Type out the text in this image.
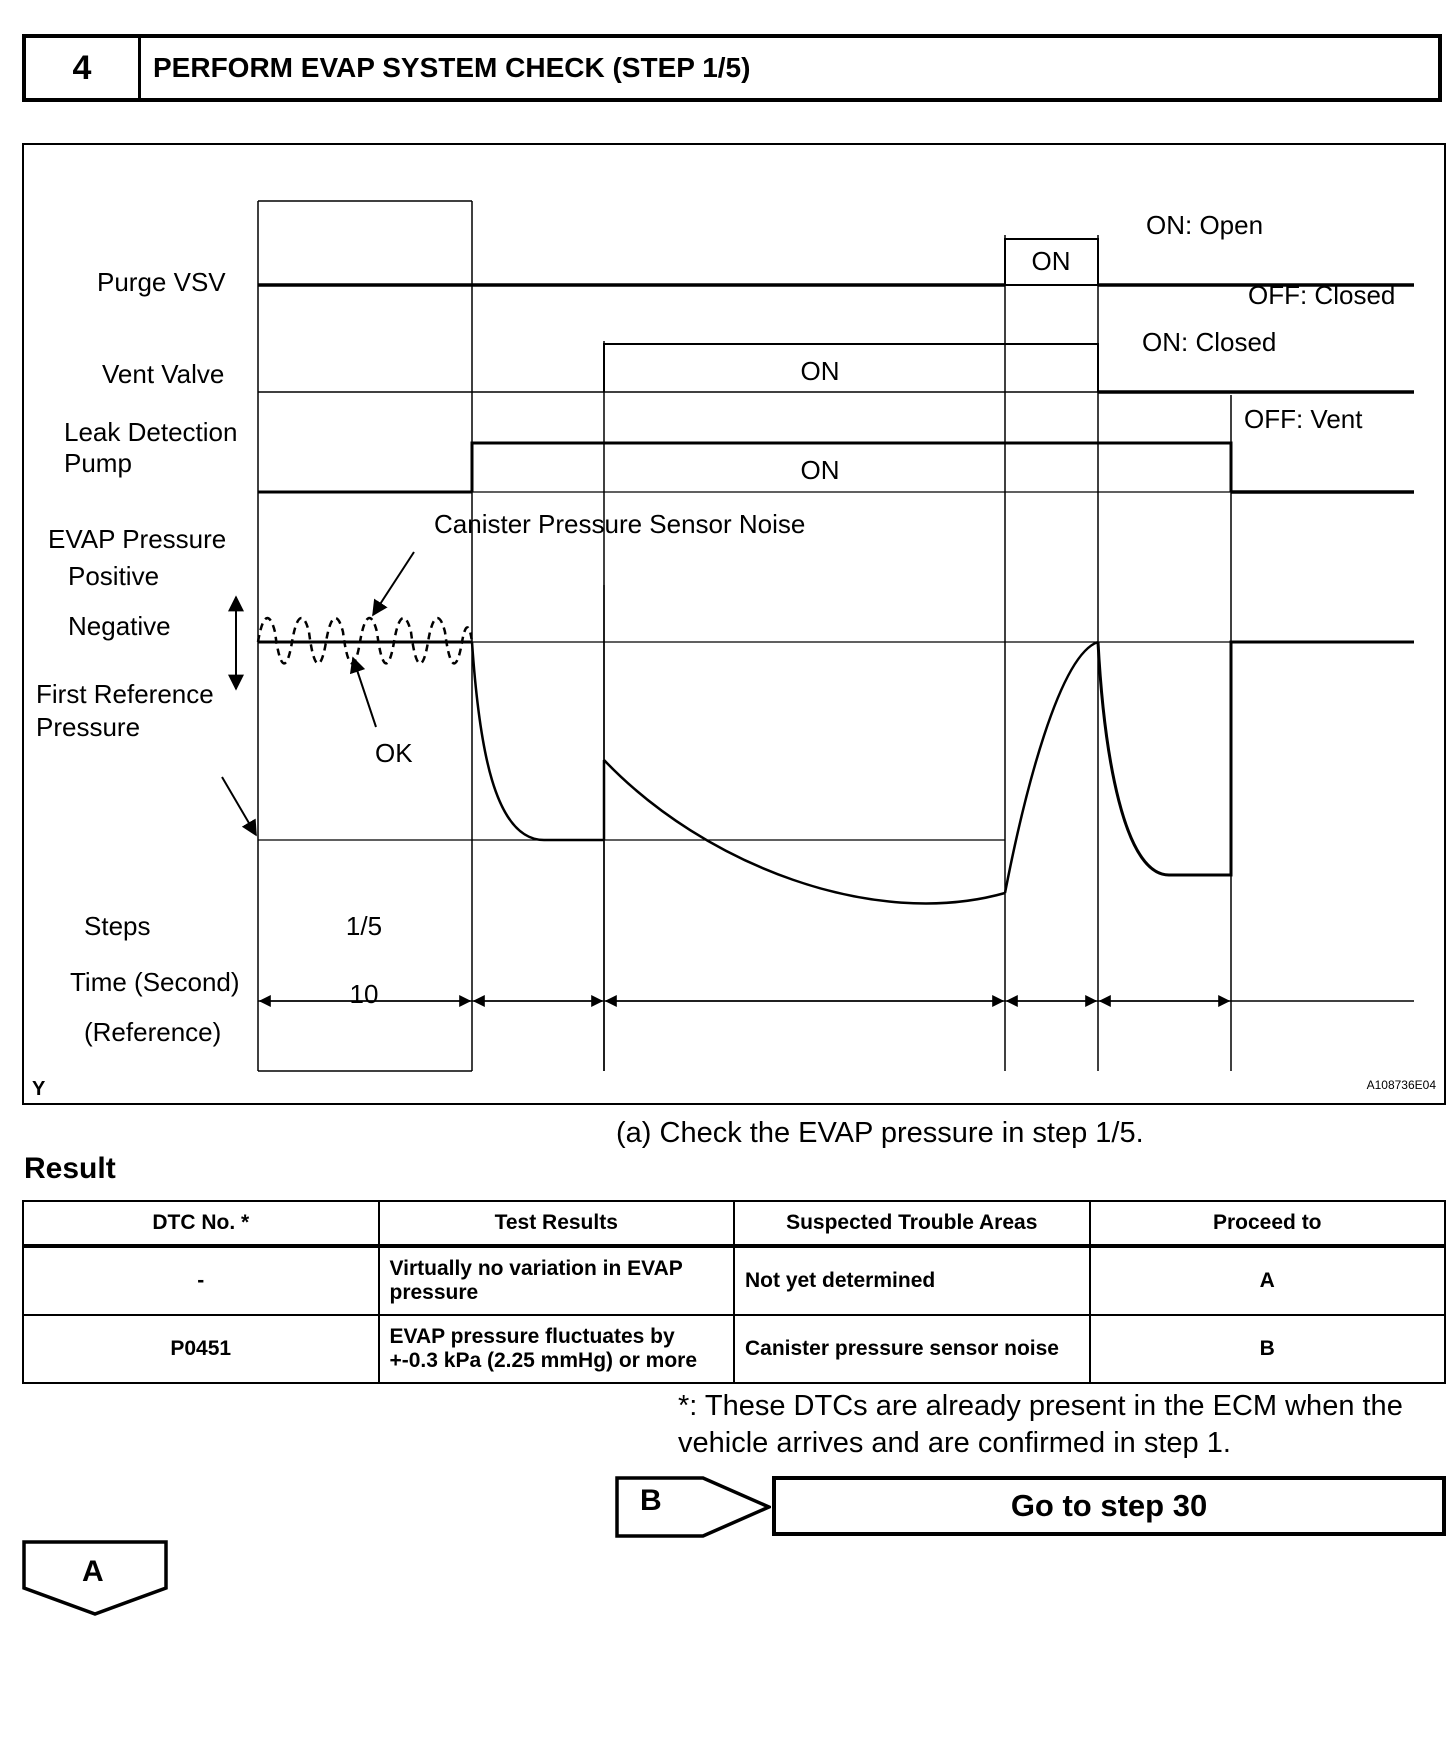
4	PERFORM EVAP SYSTEM CHECK (STEP 1/5)
Purge VSV
Vent Valve
Leak Detection
Pump
EVAP Pressure
Positive
Negative
First Reference
Pressure
ON
ON: Open
OFF: Closed
ON
ON: Closed
OFF: Vent
ON
Canister Pressure Sensor Noise
OK
Steps	1/5
Time (Second)	10
(Reference)
Y	A108736E04
(a) Check the EVAP pressure in step 1/5.
Result
DTC No. *	Test Results	Suspected Trouble Areas	Proceed to
-	Virtually no variation in EVAP pressure	Not yet determined	A
P0451	EVAP pressure fluctuates by +-0.3 kPa (2.25 mmHg) or more	Canister pressure sensor noise	B
*: These DTCs are already present in the ECM when the vehicle arrives and are confirmed in step 1.
B	Go to step 30
A
